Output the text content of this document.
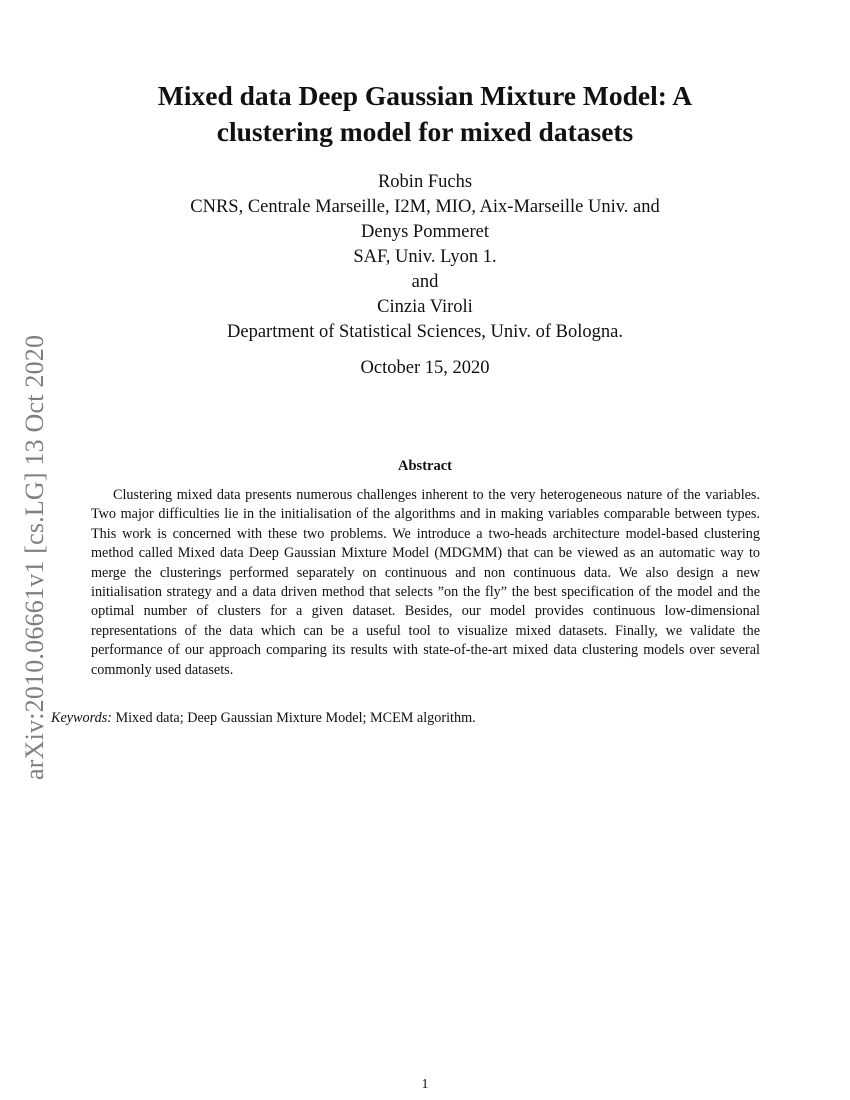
arXiv:2010.06661v1 [cs.LG] 13 Oct 2020
Mixed data Deep Gaussian Mixture Model: A
clustering model for mixed datasets
Robin Fuchs
CNRS, Centrale Marseille, I2M, MIO, Aix-Marseille Univ. and
Denys Pommeret
SAF, Univ. Lyon 1.
and
Cinzia Viroli
Department of Statistical Sciences, Univ. of Bologna.
October 15, 2020
Abstract

Clustering mixed data presents numerous challenges inherent to the very heterogeneous nature of the variables. Two major difficulties lie in the initialisation of the algorithms and in making variables comparable between types. This work is concerned with these two problems. We introduce a two-heads architecture model-based clustering method called Mixed data Deep Gaussian Mixture Model (MDGMM) that can be viewed as an automatic way to merge the clusterings performed separately on continuous and non continuous data. We also design a new initialisation strategy and a data driven method that selects ”on the fly” the best specification of the model and the optimal number of clusters for a given dataset. Besides, our model provides continuous low-dimensional representations of the data which can be a useful tool to visualize mixed datasets. Finally, we validate the performance of our approach comparing its results with state-of-the-art mixed data clustering models over several commonly used datasets.

Keywords: Mixed data; Deep Gaussian Mixture Model; MCEM algorithm.
1
